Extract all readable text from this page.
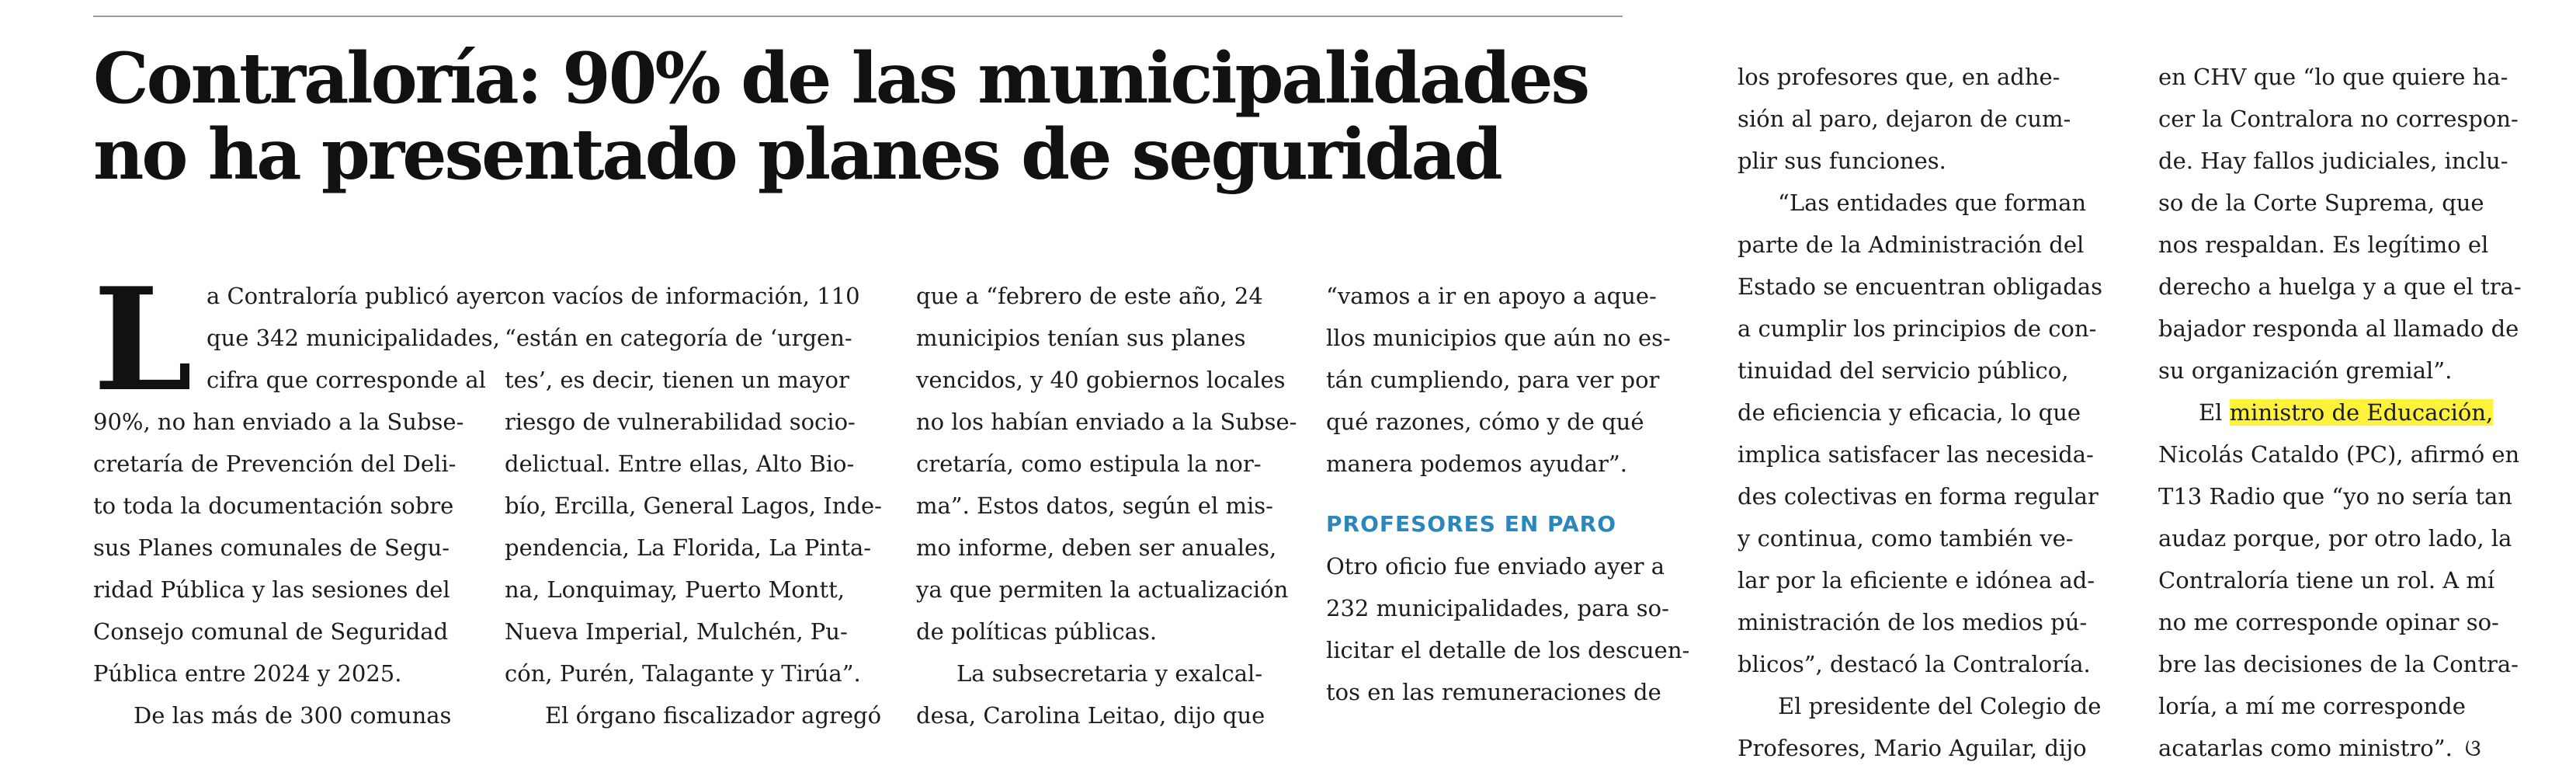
Contraloría: 90% de las municipalidades
no ha presentado planes de seguridad
L a Contraloría publicó ayer
que 342 municipalidades,
cifra que corresponde al
90%, no han enviado a la Subse-
cretaría de Prevención del Deli-
to toda la documentación sobre
sus Planes comunales de Segu-
ridad Pública y las sesiones del
Consejo comunal de Seguridad
Pública entre 2024 y 2025.
De las más de 300 comunas
con vacíos de información, 110
“están en categoría de ‘urgen-
tes’, es decir, tienen un mayor
riesgo de vulnerabilidad socio-
delictual. Entre ellas, Alto Bio-
bío, Ercilla, General Lagos, Inde-
pendencia, La Florida, La Pinta-
na, Lonquimay, Puerto Montt,
Nueva Imperial, Mulchén, Pu-
cón, Purén, Talagante y Tirúa”.
El órgano fiscalizador agregó
que a “febrero de este año, 24
municipios tenían sus planes
vencidos, y 40 gobiernos locales
no los habían enviado a la Subse-
cretaría, como estipula la nor-
ma”. Estos datos, según el mis-
mo informe, deben ser anuales,
ya que permiten la actualización
de políticas públicas.
La subsecretaria y exalcal-
desa, Carolina Leitao, dijo que
“vamos a ir en apoyo a aque-
llos municipios que aún no es-
tán cumpliendo, para ver por
qué razones, cómo y de qué
manera podemos ayudar”.
PROFESORES EN PARO
Otro oficio fue enviado ayer a
232 municipalidades, para so-
licitar el detalle de los descuen-
tos en las remuneraciones de
los profesores que, en adhe-
sión al paro, dejaron de cum-
plir sus funciones.
“Las entidades que forman
parte de la Administración del
Estado se encuentran obligadas
a cumplir los principios de con-
tinuidad del servicio público,
de eficiencia y eficacia, lo que
implica satisfacer las necesida-
des colectivas en forma regular
y continua, como también ve-
lar por la eficiente e idónea ad-
ministración de los medios pú-
blicos”, destacó la Contraloría.
El presidente del Colegio de
Profesores, Mario Aguilar, dijo
en CHV que “lo que quiere ha-
cer la Contralora no correspon-
de. Hay fallos judiciales, inclu-
so de la Corte Suprema, que
nos respaldan. Es legítimo el
derecho a huelga y a que el tra-
bajador responda al llamado de
su organización gremial”.
El ministro de Educación,
Nicolás Cataldo (PC), afirmó en
T13 Radio que “yo no sería tan
audaz porque, por otro lado, la
Contraloría tiene un rol. A mí
no me corresponde opinar so-
bre las decisiones de la Contra-
loría, a mí me corresponde
acatarlas como ministro”. ଓ
